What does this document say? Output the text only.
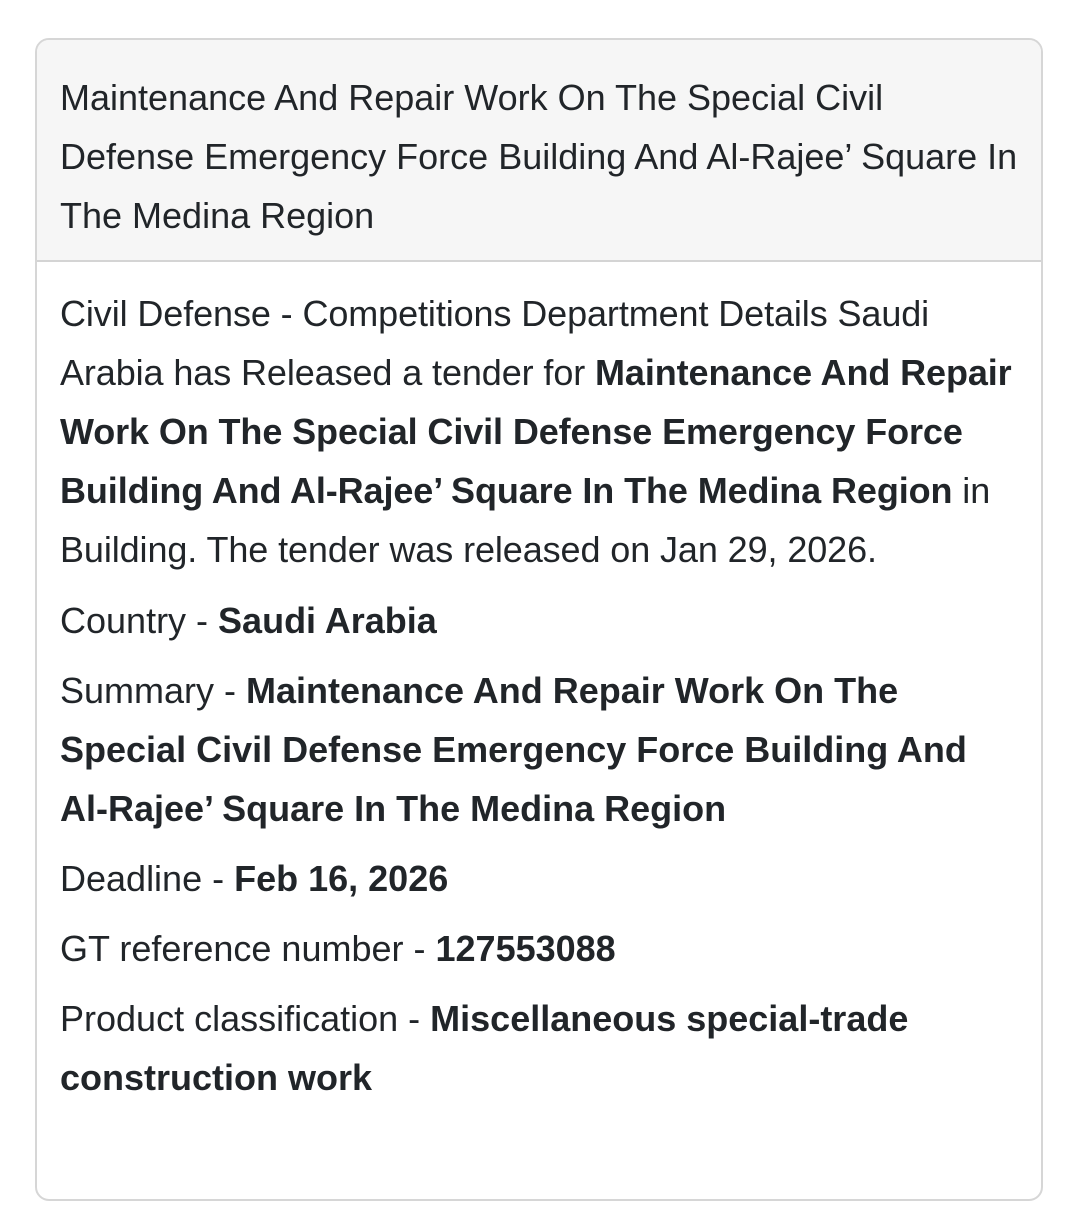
Maintenance And Repair Work On The Special Civil Defense Emergency Force Building And Al-Rajee’ Square In The Medina Region

Civil Defense - Competitions Department Details Saudi Arabia has Released a tender for Maintenance And Repair Work On The Special Civil Defense Emergency Force Building And Al-Rajee’ Square In The Medina Region in Building. The tender was released on Jan 29, 2026.

Country - Saudi Arabia

Summary - Maintenance And Repair Work On The Special Civil Defense Emergency Force Building And Al-Rajee’ Square In The Medina Region

Deadline - Feb 16, 2026

GT reference number - 127553088

Product classification - Miscellaneous special-trade construction work
